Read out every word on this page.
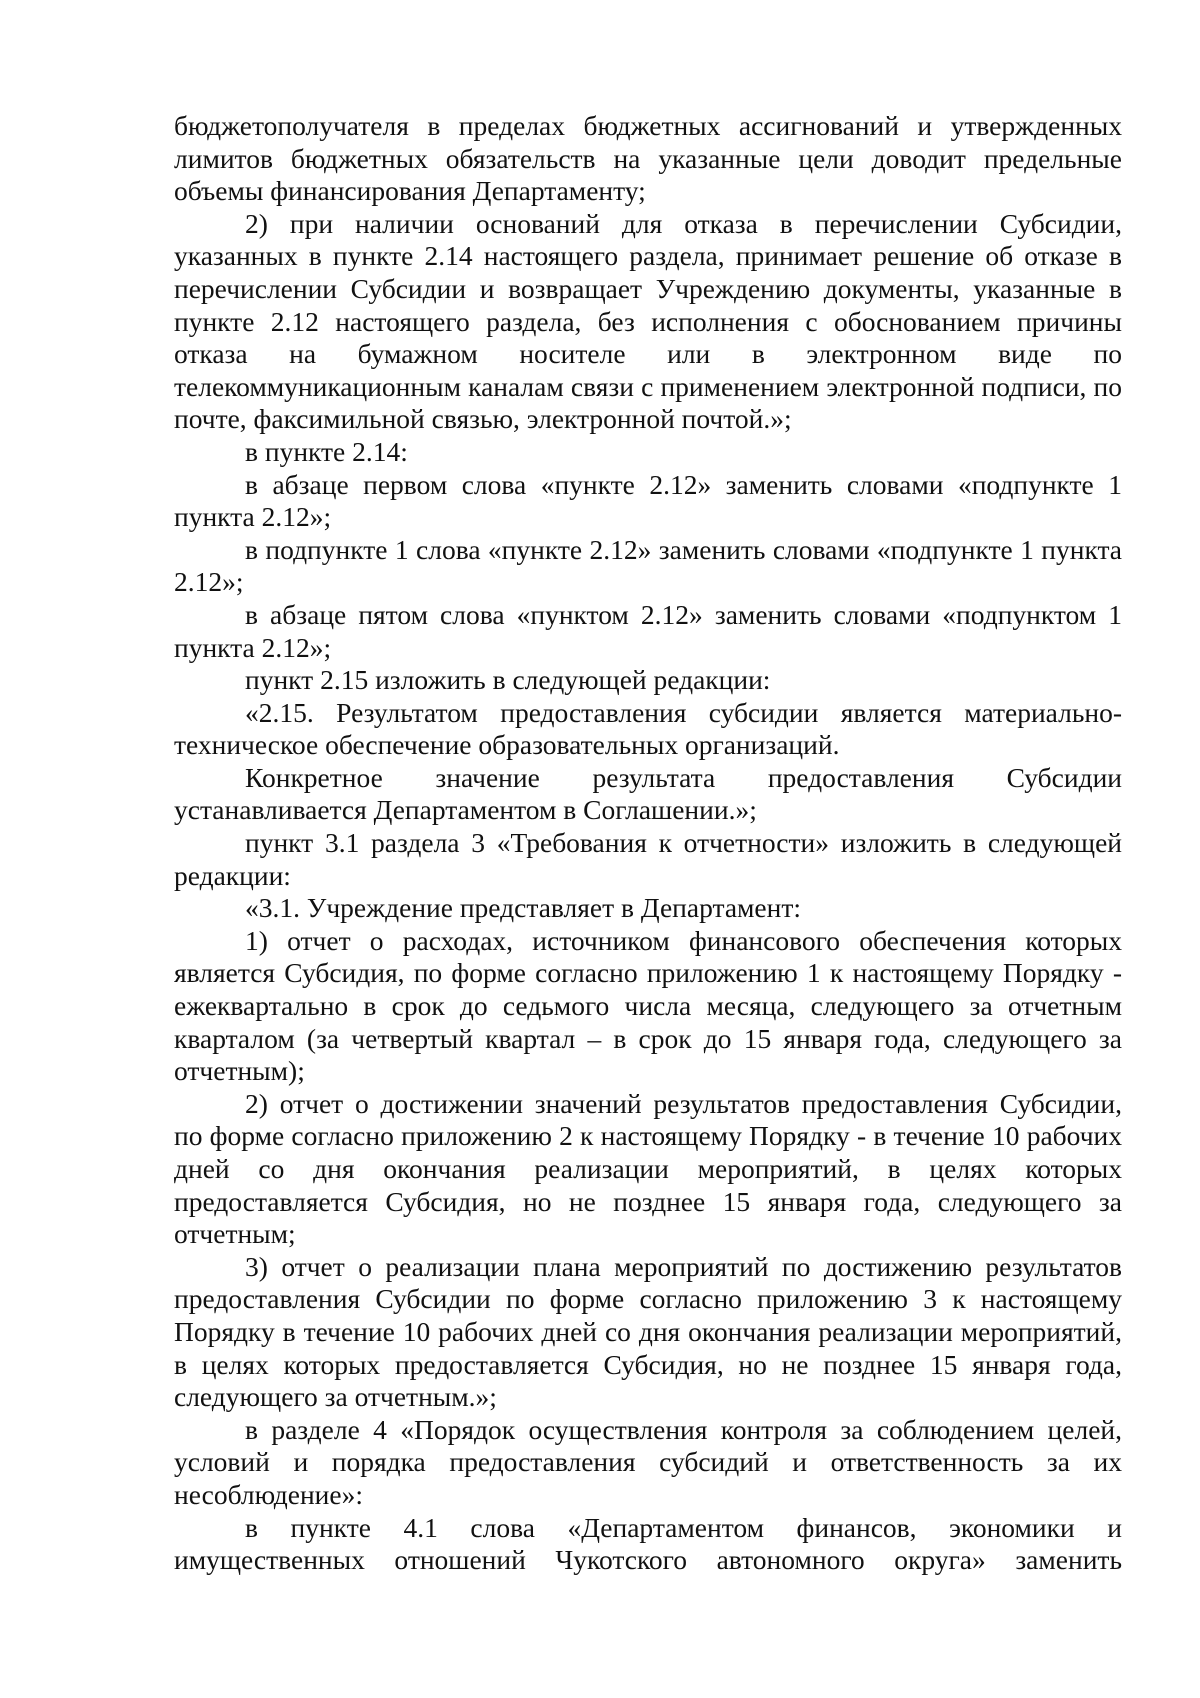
бюджетополучателя в пределах бюджетных ассигнований и утвержденных лимитов бюджетных обязательств на указанные цели доводит предельные объемы финансирования Департаменту;

2) при наличии оснований для отказа в перечислении Субсидии, указанных в пункте 2.14 настоящего раздела, принимает решение об отказе в перечислении Субсидии и возвращает Учреждению документы, указанные в пункте 2.12 настоящего раздела, без исполнения с обоснованием причины отказа на бумажном носителе или в электронном виде по телекоммуникационным каналам связи с применением электронной подписи, по почте, факсимильной связью, электронной почтой.»;

в пункте 2.14:

в абзаце первом слова «пункте 2.12» заменить словами «подпункте 1 пункта 2.12»;

в подпункте 1 слова «пункте 2.12» заменить словами «подпункте 1 пункта 2.12»;

в абзаце пятом слова «пунктом 2.12» заменить словами «подпунктом 1 пункта 2.12»;

пункт 2.15 изложить в следующей редакции:

«2.15. Результатом предоставления субсидии является материально-техническое обеспечение образовательных организаций.

Конкретное значение результата предоставления Субсидии устанавливается Департаментом в Соглашении.»;

пункт 3.1 раздела 3 «Требования к отчетности» изложить в следующей редакции:

«3.1. Учреждение представляет в Департамент:

1) отчет о расходах, источником финансового обеспечения которых является Субсидия, по форме согласно приложению 1 к настоящему Порядку - ежеквартально в срок до седьмого числа месяца, следующего за отчетным кварталом (за четвертый квартал – в срок до 15 января года, следующего за отчетным);

2) отчет о достижении значений результатов предоставления Субсидии, по форме согласно приложению 2 к настоящему Порядку - в течение 10 рабочих дней со дня окончания реализации мероприятий, в целях которых предоставляется Субсидия, но не позднее 15 января года, следующего за отчетным;

3) отчет о реализации плана мероприятий по достижению результатов предоставления Субсидии по форме согласно приложению 3 к настоящему Порядку в течение 10 рабочих дней со дня окончания реализации мероприятий, в целях которых предоставляется Субсидия, но не позднее 15 января года, следующего за отчетным.»;

в разделе 4 «Порядок осуществления контроля за соблюдением целей, условий и порядка предоставления субсидий и ответственность за их несоблюдение»:

в пункте 4.1 слова «Департаментом финансов, экономики и имущественных отношений Чукотского автономного округа» заменить
